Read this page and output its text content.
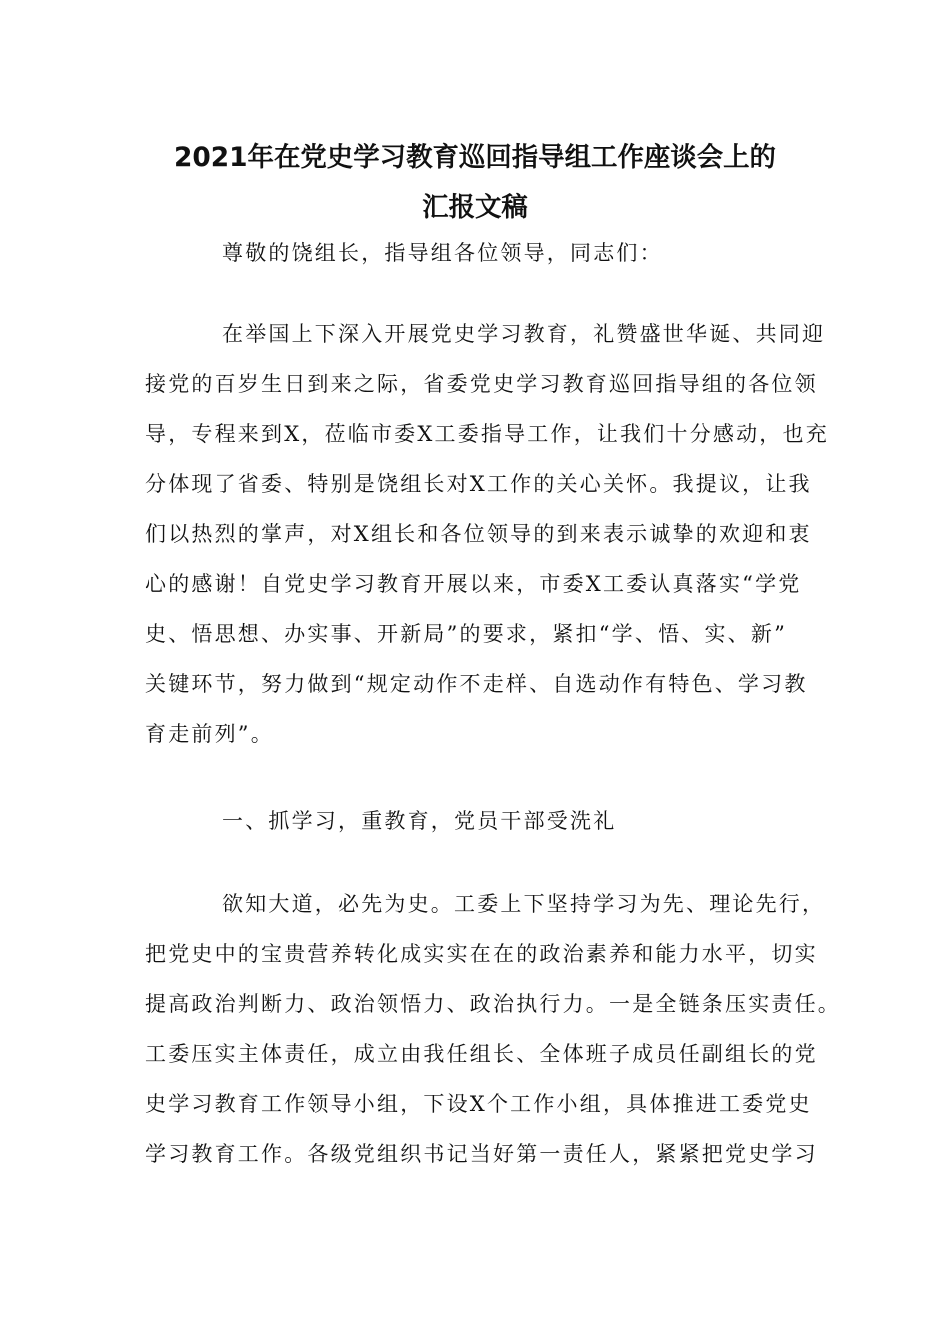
2021年在党史学习教育巡回指导组工作座谈会上的
汇报文稿
尊敬的饶组长，指导组各位领导，同志们：
在举国上下深入开展党史学习教育，礼赞盛世华诞、共同迎
接党的百岁生日到来之际，省委党史学习教育巡回指导组的各位领
导，专程来到X，莅临市委X工委指导工作，让我们十分感动，也充
分体现了省委、特别是饶组长对X工作的关心关怀。我提议，让我
们以热烈的掌声，对X组长和各位领导的到来表示诚挚的欢迎和衷
心的感谢！自党史学习教育开展以来，市委X工委认真落实“学党
史、悟思想、办实事、开新局”的要求，紧扣“学、悟、实、新”
关键环节，努力做到“规定动作不走样、自选动作有特色、学习教
育走前列”。
一、抓学习，重教育，党员干部受洗礼
欲知大道，必先为史。工委上下坚持学习为先、理论先行，
把党史中的宝贵营养转化成实实在在的政治素养和能力水平，切实
提高政治判断力、政治领悟力、政治执行力。一是全链条压实责任。
工委压实主体责任，成立由我任组长、全体班子成员任副组长的党
史学习教育工作领导小组，下设X个工作小组，具体推进工委党史
学习教育工作。各级党组织书记当好第一责任人，紧紧把党史学习
